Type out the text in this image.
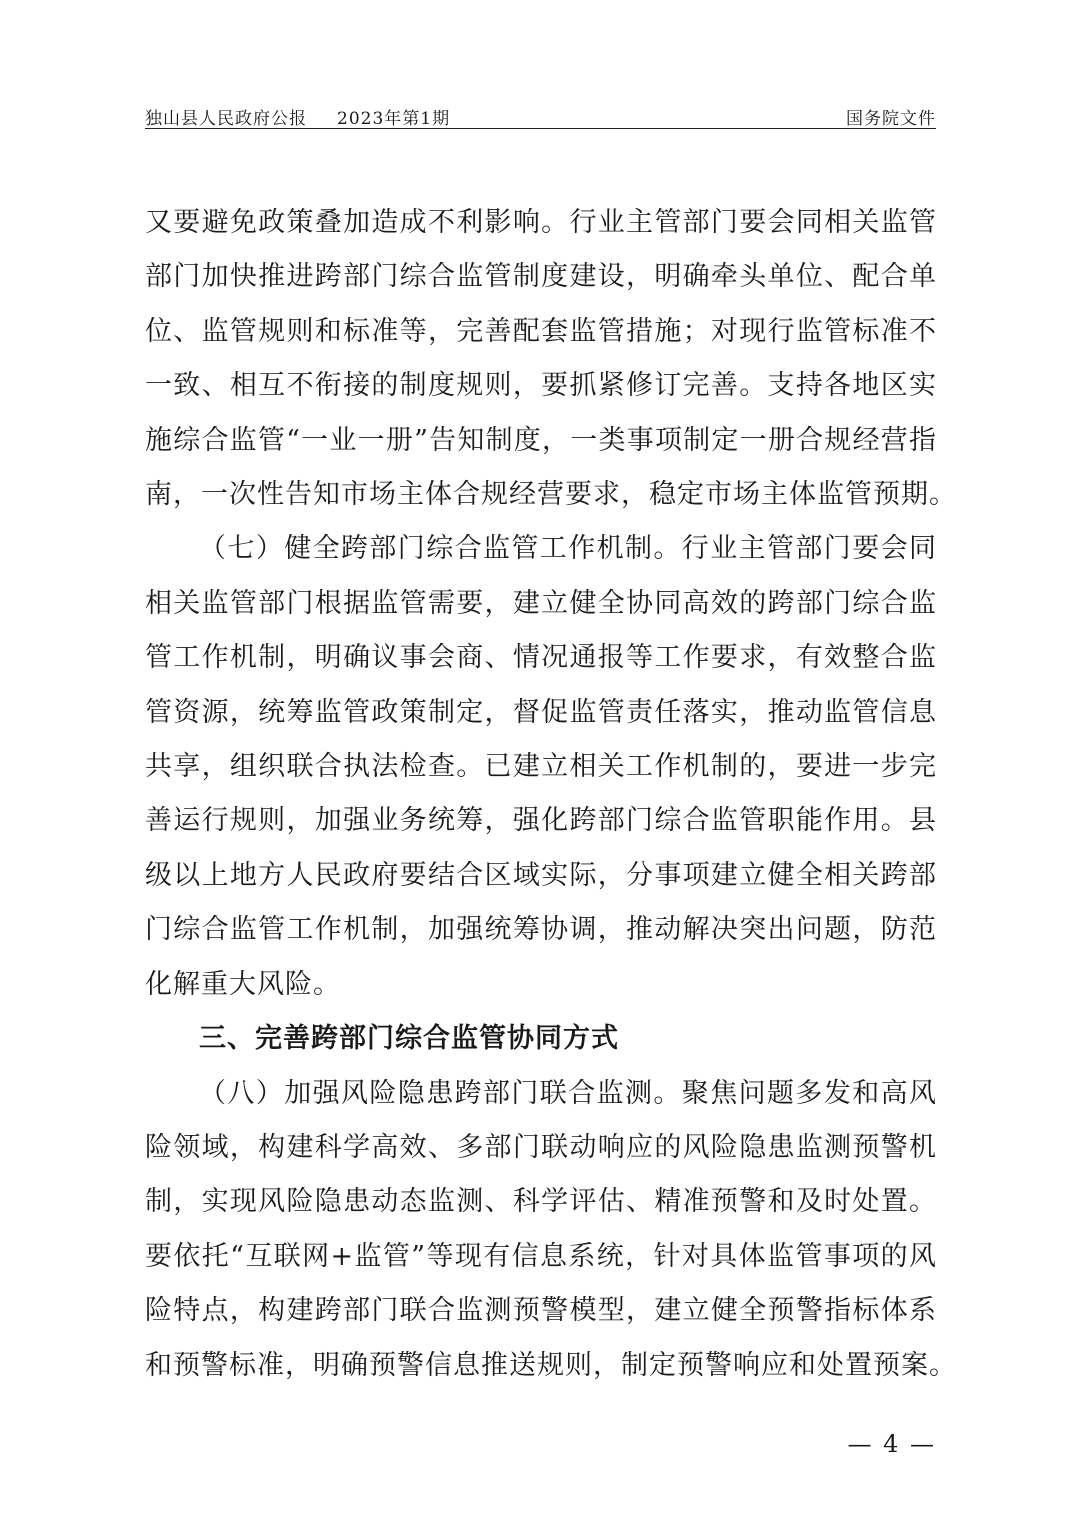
独山县人民政府公报 2023年第1期	国务院文件

又要避免政策叠加造成不利影响。行业主管部门要会同相关监管
部门加快推进跨部门综合监管制度建设，明确牵头单位、配合单
位、监管规则和标准等，完善配套监管措施；对现行监管标准不
一致、相互不衔接的制度规则，要抓紧修订完善。支持各地区实
施综合监管“一业一册”告知制度，一类事项制定一册合规经营指
南，一次性告知市场主体合规经营要求，稳定市场主体监管预期。

（七）健全跨部门综合监管工作机制。行业主管部门要会同
相关监管部门根据监管需要，建立健全协同高效的跨部门综合监
管工作机制，明确议事会商、情况通报等工作要求，有效整合监
管资源，统筹监管政策制定，督促监管责任落实，推动监管信息
共享，组织联合执法检查。已建立相关工作机制的，要进一步完
善运行规则，加强业务统筹，强化跨部门综合监管职能作用。县
级以上地方人民政府要结合区域实际，分事项建立健全相关跨部
门综合监管工作机制，加强统筹协调，推动解决突出问题，防范
化解重大风险。

三、完善跨部门综合监管协同方式

（八）加强风险隐患跨部门联合监测。聚焦问题多发和高风
险领域，构建科学高效、多部门联动响应的风险隐患监测预警机
制，实现风险隐患动态监测、科学评估、精准预警和及时处置。
要依托“互联网+监管”等现有信息系统，针对具体监管事项的风
险特点，构建跨部门联合监测预警模型，建立健全预警指标体系
和预警标准，明确预警信息推送规则，制定预警响应和处置预案。

— 4 —
